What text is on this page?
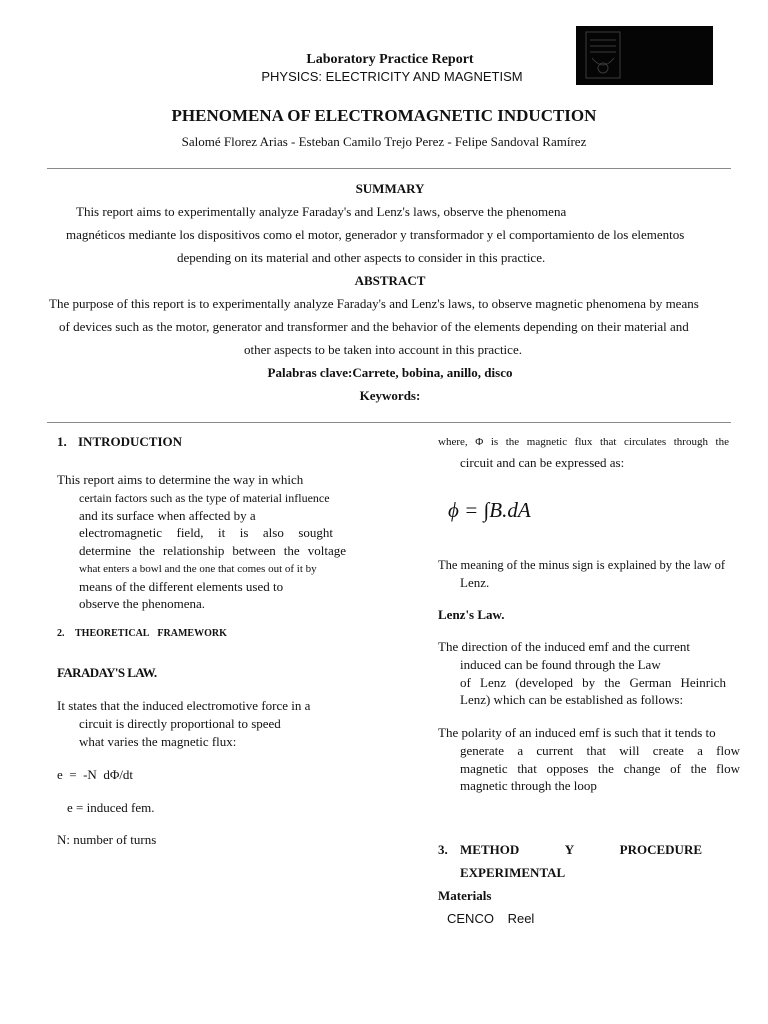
Laboratory Practice Report
PHYSICS: ELECTRICITY AND MAGNETISM
PHENOMENA OF ELECTROMAGNETIC INDUCTION
Salomé Florez Arias - Esteban Camilo Trejo Perez - Felipe Sandoval Ramírez
SUMMARY
This report aims to experimentally analyze Faraday's and Lenz's laws, observe the phenomena
magnéticos mediante los dispositivos como el motor, generador y transformador y el comportamiento de los elementos
depending on its material and other aspects to consider in this practice.
ABSTRACT
The purpose of this report is to experimentally analyze Faraday's and Lenz's laws, to observe magnetic phenomena by means
of devices such as the motor, generator and transformer and the behavior of the elements depending on their material and
other aspects to be taken into account in this practice.
Palabras clave:Carrete, bobina, anillo, disco
Keywords:
1. INTRODUCTION
This report aims to determine the way in which
certain factors such as the type of material influence
and its surface when affected by a
electromagnetic field, it is also sought
determine the relationship between the voltage
what enters a bowl and the one that comes out of it by
means of the different elements used to
observe the phenomena.
2. THEORETICAL FRAMEWORK
FARADAY'S LAW.
It states that the induced electromotive force in a
circuit is directly proportional to speed
what varies the magnetic flux:
e  =  -N  dΦ/dt
e = induced fem.
N: number of turns
where, Φ is the magnetic flux that circulates through the
circuit and can be expressed as:
ϕ = ∫B.dA
The meaning of the minus sign is explained by the law of
Lenz.
Lenz's Law.
The direction of the induced emf and the current
induced can be found through the Law
of Lenz (developed by the German Heinrich
Lenz) which can be established as follows:
The polarity of an induced emf is such that it tends to
generate a current that will create a flow
magnetic that opposes the change of the flow
magnetic through the loop
3. METHOD Y PROCEDURE
EXPERIMENTAL
Materials
CENCO Reel
